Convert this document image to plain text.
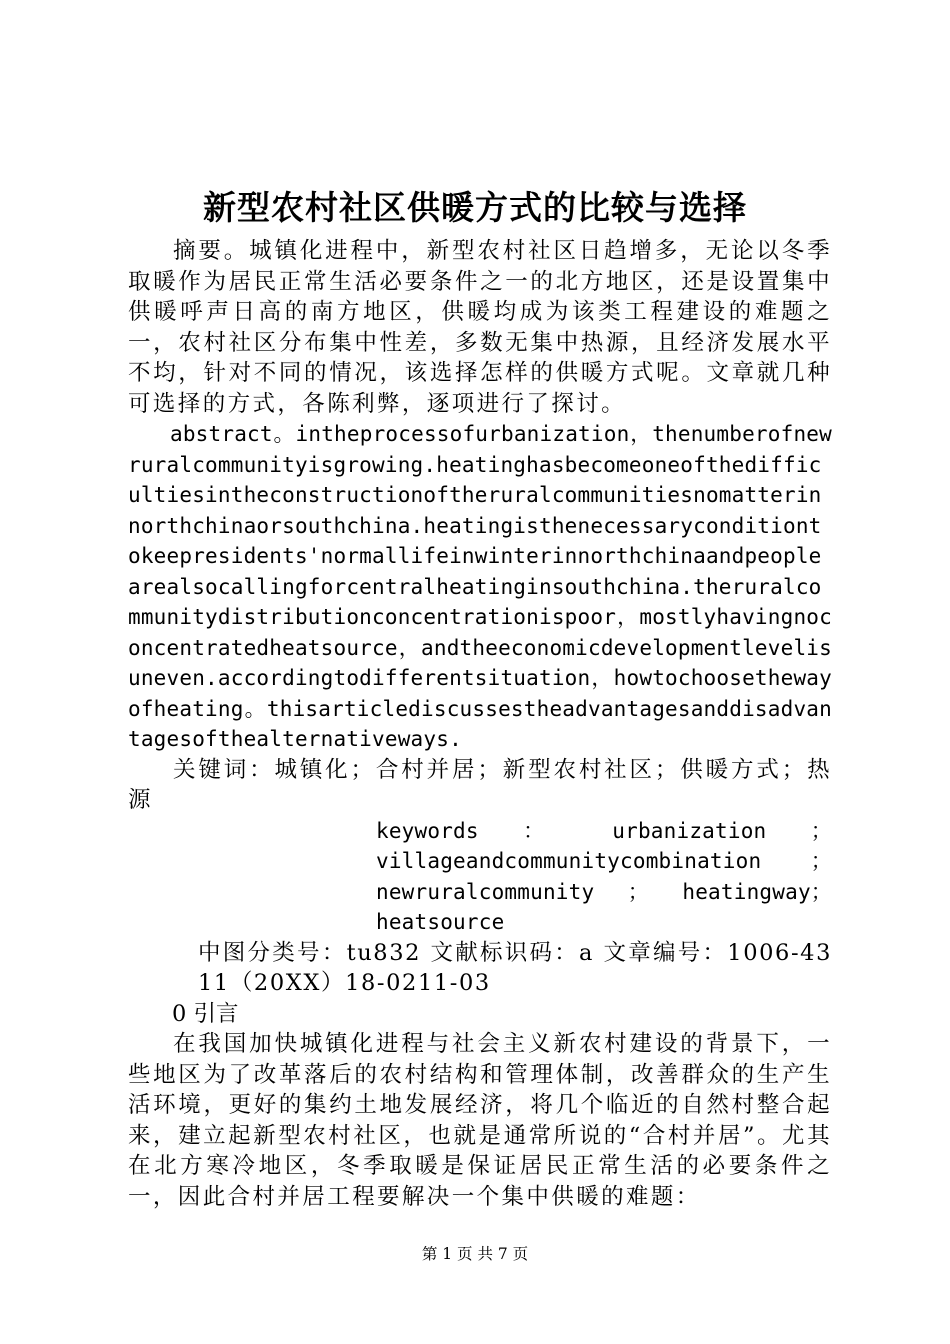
新型农村社区供暖方式的比较与选择

摘要。城镇化进程中，新型农村社区日趋增多，无论以冬季取暖作为居民正常生活必要条件之一的北方地区，还是设置集中供暖呼声日高的南方地区，供暖均成为该类工程建设的难题之一，农村社区分布集中性差，多数无集中热源，且经济发展水平不均，针对不同的情况，该选择怎样的供暖方式呢。文章就几种可选择的方式，各陈利弊，逐项进行了探讨。

abstract。intheprocessofurbanization，thenumberofnewruralcommunityisgrowing.heatinghasbecomeoneofthedifficultiesintheconstructionoftheruralcommunitiesnomatterinnorthchinaorsouthchina.heatingisthenecessaryconditiontokeepresidents'normallifeinwinterinnorthchinaandpeoplearealsocallingforcentralheatinginsouthchina.theruralcommunitydistributionconcentrationispoor，mostlyhavingnoconcentratedheatsource，andtheeconomicdevelopmentlevelisuneven.accordingtodifferentsituation，howtochoosethewayofheating。thisarticlediscussestheadvantagesanddisadvantagesofthealternativeways.

关键词：城镇化；合村并居；新型农村社区；供暖方式；热源

keywords ： urbanization ； villageandcommunitycombination ； newruralcommunity ； heatingway；heatsource

中图分类号：tu832 文献标识码：a 文章编号：1006-4311（20XX）18-0211-03

0 引言

在我国加快城镇化进程与社会主义新农村建设的背景下，一些地区为了改革落后的农村结构和管理体制，改善群众的生产生活环境，更好的集约土地发展经济，将几个临近的自然村整合起来，建立起新型农村社区，也就是通常所说的“合村并居”。尤其在北方寒冷地区，冬季取暖是保证居民正常生活的必要条件之一，因此合村并居工程要解决一个集中供暖的难题：

第 1 页 共 7 页
